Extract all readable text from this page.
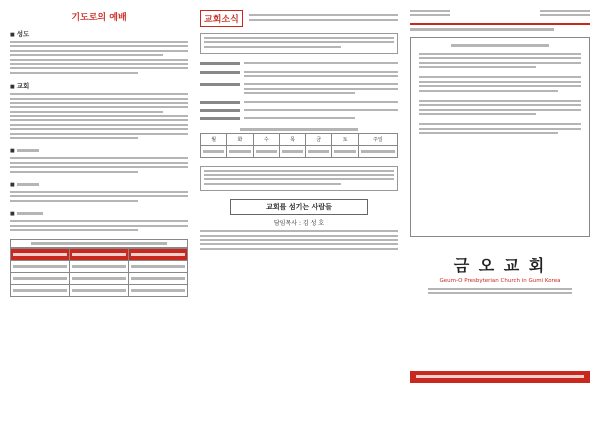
기도로의 예배
■ 성도
■ 교회
■
■
■

교회소식
월	화	수	목	금	토	주일

교회를 섬기는 사람들
담임목사 : 김 성 호
금 오 교 회
Geum-O Presbyterian Church in Gumi Korea
